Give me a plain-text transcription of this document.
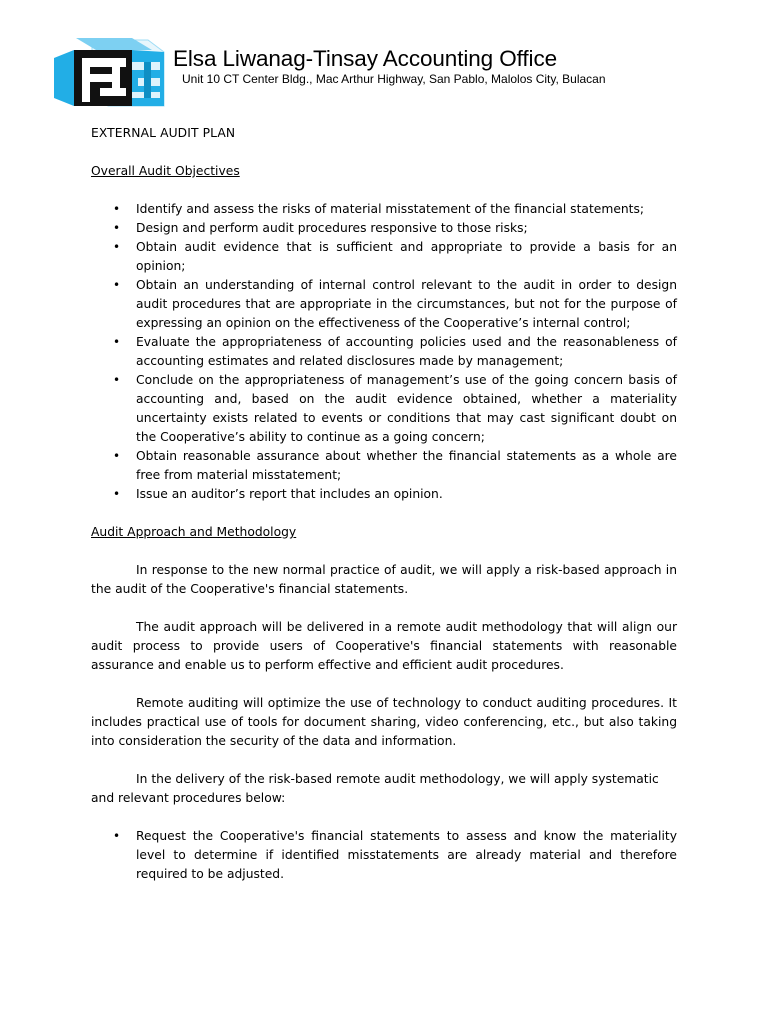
Elsa Liwanag-Tinsay Accounting Office
Unit 10 CT Center Bldg., Mac Arthur Highway, San Pablo, Malolos City, Bulacan

EXTERNAL AUDIT PLAN

Overall Audit Objectives

• Identify and assess the risks of material misstatement of the financial statements;
• Design and perform audit procedures responsive to those risks;
• Obtain audit evidence that is sufficient and appropriate to provide a basis for an opinion;
• Obtain an understanding of internal control relevant to the audit in order to design audit procedures that are appropriate in the circumstances, but not for the purpose of expressing an opinion on the effectiveness of the Cooperative’s internal control;
• Evaluate the appropriateness of accounting policies used and the reasonableness of accounting estimates and related disclosures made by management;
• Conclude on the appropriateness of management’s use of the going concern basis of accounting and, based on the audit evidence obtained, whether a materiality uncertainty exists related to events or conditions that may cast significant doubt on the Cooperative’s ability to continue as a going concern;
• Obtain reasonable assurance about whether the financial statements as a whole are free from material misstatement;
• Issue an auditor’s report that includes an opinion.

Audit Approach and Methodology

In response to the new normal practice of audit, we will apply a risk-based approach in the audit of the Cooperative's financial statements.

The audit approach will be delivered in a remote audit methodology that will align our audit process to provide users of Cooperative's financial statements with reasonable assurance and enable us to perform effective and efficient audit procedures.

Remote auditing will optimize the use of technology to conduct auditing procedures. It includes practical use of tools for document sharing, video conferencing, etc., but also taking into consideration the security of the data and information.

In the delivery of the risk-based remote audit methodology, we will apply systematic and relevant procedures below:

• Request the Cooperative's financial statements to assess and know the materiality level to determine if identified misstatements are already material and therefore required to be adjusted.
